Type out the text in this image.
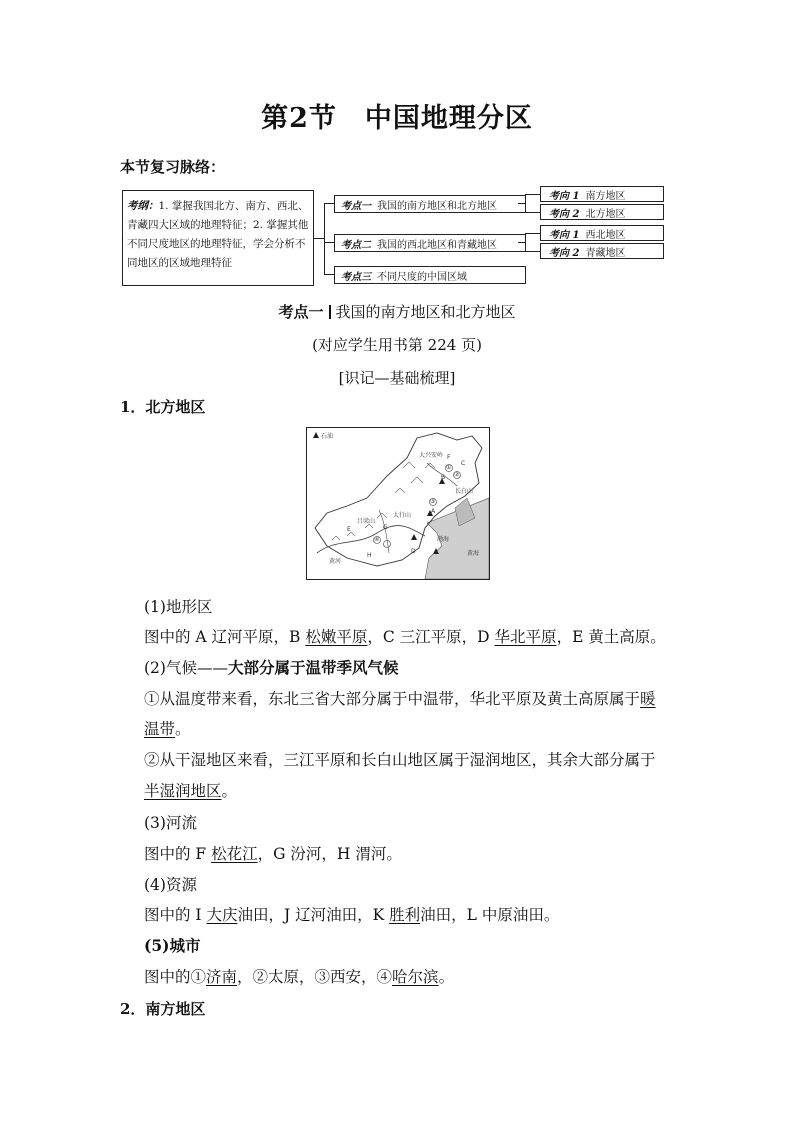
第2节　中国地理分区
本节复习脉络：
考纲：1. 掌握我国北方、南方、西北、青藏四大区域的地理特征；2. 掌握其他不同尺度地区的地理特征，学会分析不同地区的区域地理特征
考点一 我国的南方地区和北方地区
考点二 我国的西北地区和青藏地区
考点三 不同尺度的中国区域
考向 1 南方地区
考向 2 北方地区
考向 1 西北地区
考向 2 青藏地区
考点一 我国的南方地区和北方地区
(对应学生用书第 224 页)
[识记—基础梳理]
1．北方地区
石油
大兴安岭
吕梁山
太行山
渤海
黄海
长白山
黄河
①
②
③
④
A
B
C
D
E
F
G
H
(1)地形区
图中的 A 辽河平原，B 松嫩平原，C 三江平原，D 华北平原，E 黄土高原。
(2)气候——大部分属于温带季风气候
①从温度带来看，东北三省大部分属于中温带，华北平原及黄土高原属于暖
温带。
②从干湿地区来看，三江平原和长白山地区属于湿润地区，其余大部分属于
半湿润地区。
(3)河流
图中的 F 松花江，G 汾河，H 渭河。
(4)资源
图中的 I 大庆油田，J 辽河油田，K 胜利油田，L 中原油田。
(5)城市
图中的①济南，②太原，③西安，④哈尔滨。
2．南方地区
